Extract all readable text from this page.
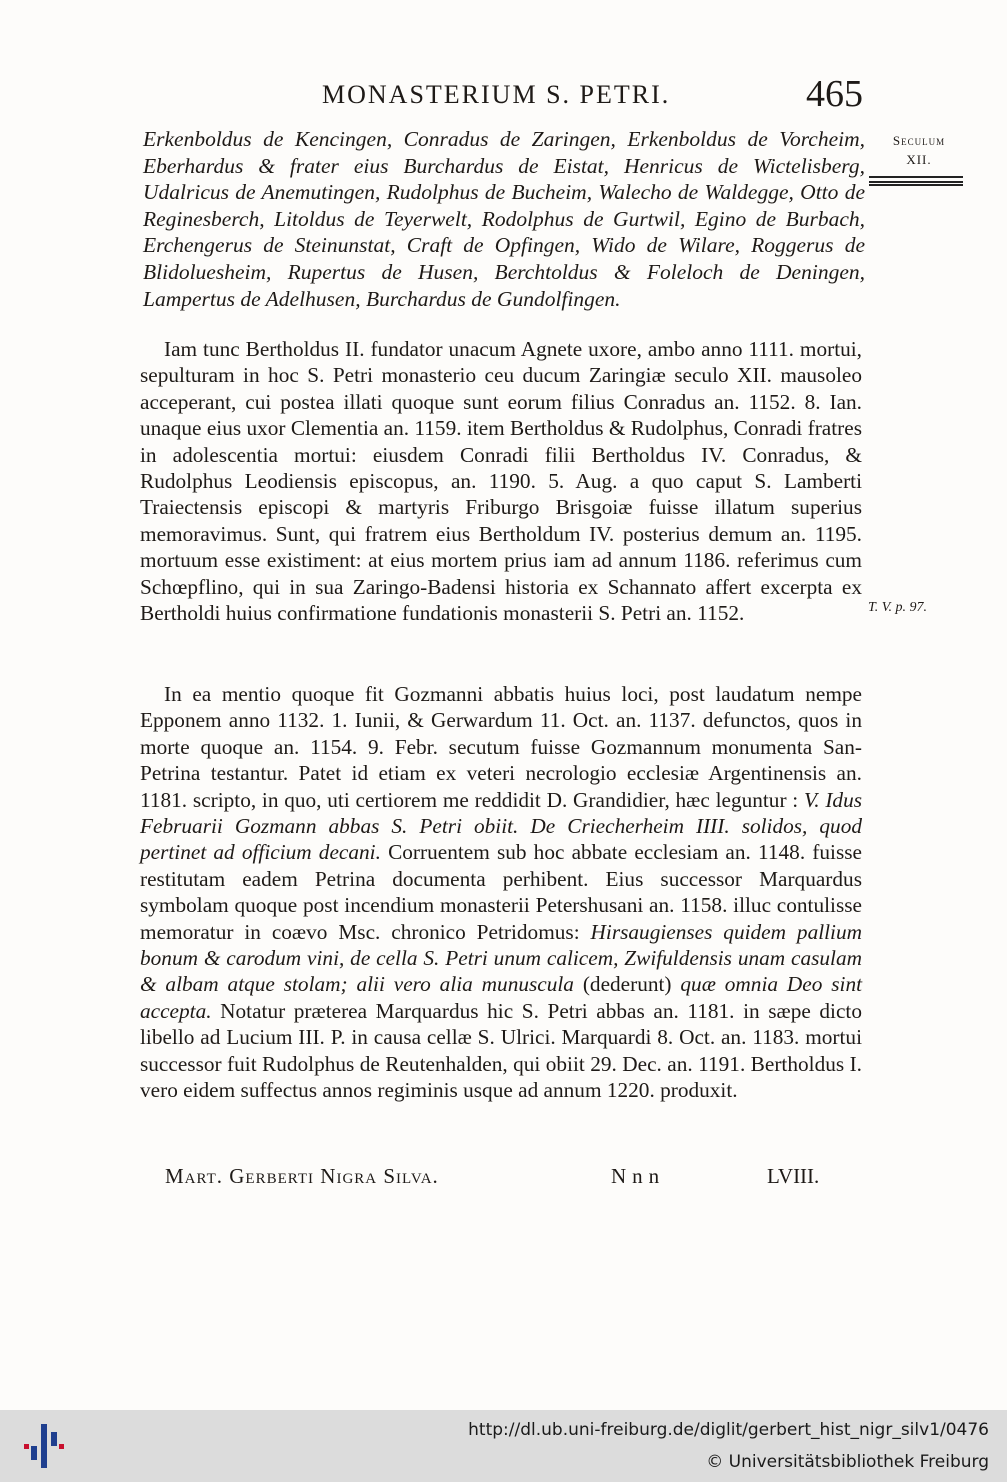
MONASTERIUM S. PETRI.	465
Seculum
XII.

Erkenboldus de Kencingen, Conradus de Zaringen, Erkenboldus de Vorcheim, Eberhardus & frater eius Burchardus de Eistat, Henricus de Wictelisberg, Udalricus de Anemutingen, Rudolphus de Bucheim, Walecho de Waldegge, Otto de Reginesberch, Litoldus de Teyerwelt, Rodolphus de Gurtwil, Egino de Burbach, Erchengerus de Steinunstat, Craft de Opfingen, Wido de Wilare, Roggerus de Blidoluesheim, Rupertus de Husen, Berchtoldus & Foleloch de Deningen, Lampertus de Adelhusen, Burchardus de Gundolfingen.

Iam tunc Bertholdus II. fundator unacum Agnete uxore, ambo anno 1111. mortui, sepulturam in hoc S. Petri monasterio ceu ducum Zaringiæ seculo XII. mausoleo acceperant, cui postea illati quoque sunt eorum filius Conradus an. 1152. 8. Ian. unaque eius uxor Clementia an. 1159. item Bertholdus & Rudolphus, Conradi fratres in adolescentia mortui: eiusdem Conradi filii Bertholdus IV. Conradus, & Rudolphus Leodiensis episcopus, an. 1190. 5. Aug. a quo caput S. Lamberti Traiectensis episcopi & martyris Friburgo Brisgoiæ fuisse illatum superius memoravimus. Sunt, qui fratrem eius Bertholdum IV. posterius demum an. 1195. mortuum esse existiment: at eius mortem prius iam ad annum 1186. referimus cum Schœpflino, qui in sua Zaringo-Badensi historia ex Schannato affert excerpta ex Bertholdi huius confirmatione fundationis monasterii S. Petri an. 1152.	T. V. p. 97.

In ea mentio quoque fit Gozmanni abbatis huius loci, post laudatum nempe Epponem anno 1132. 1. Iunii, & Gerwardum 11. Oct. an. 1137. defunctos, quos in morte quoque an. 1154. 9. Febr. secutum fuisse Gozmannum monumenta San-Petrina testantur. Patet id etiam ex veteri necrologio ecclesiæ Argentinensis an. 1181. scripto, in quo, uti certiorem me reddidit D. Grandidier, hæc leguntur : V. Idus Februarii Gozmann abbas S. Petri obiit. De Criecherheim IIII. solidos, quod pertinet ad officium decani. Corruentem sub hoc abbate ecclesiam an. 1148. fuisse restitutam eadem Petrina documenta perhibent. Eius successor Marquardus symbolam quoque post incendium monasterii Petershusani an. 1158. illuc contulisse memoratur in coævo Msc. chronico Petridomus: Hirsaugienses quidem pallium bonum & carodum vini, de cella S. Petri unum calicem, Zwifuldensis unam casulam & albam atque stolam; alii vero alia munuscula (dederunt) quæ omnia Deo sint accepta. Notatur præterea Marquardus hic S. Petri abbas an. 1181. in sæpe dicto libello ad Lucium III. P. in causa cellæ S. Ulrici. Marquardi 8. Oct. an. 1183. mortui successor fuit Rudolphus de Reutenhalden, qui obiit 29. Dec. an. 1191. Bertholdus I. vero eidem suffectus annos regiminis usque ad annum 1220. produxit.

Mart. Gerberti Nigra Silva.	Nnn	LVIII.
http://dl.ub.uni-freiburg.de/diglit/gerbert_hist_nigr_silv1/0476
© Universitätsbibliothek Freiburg
